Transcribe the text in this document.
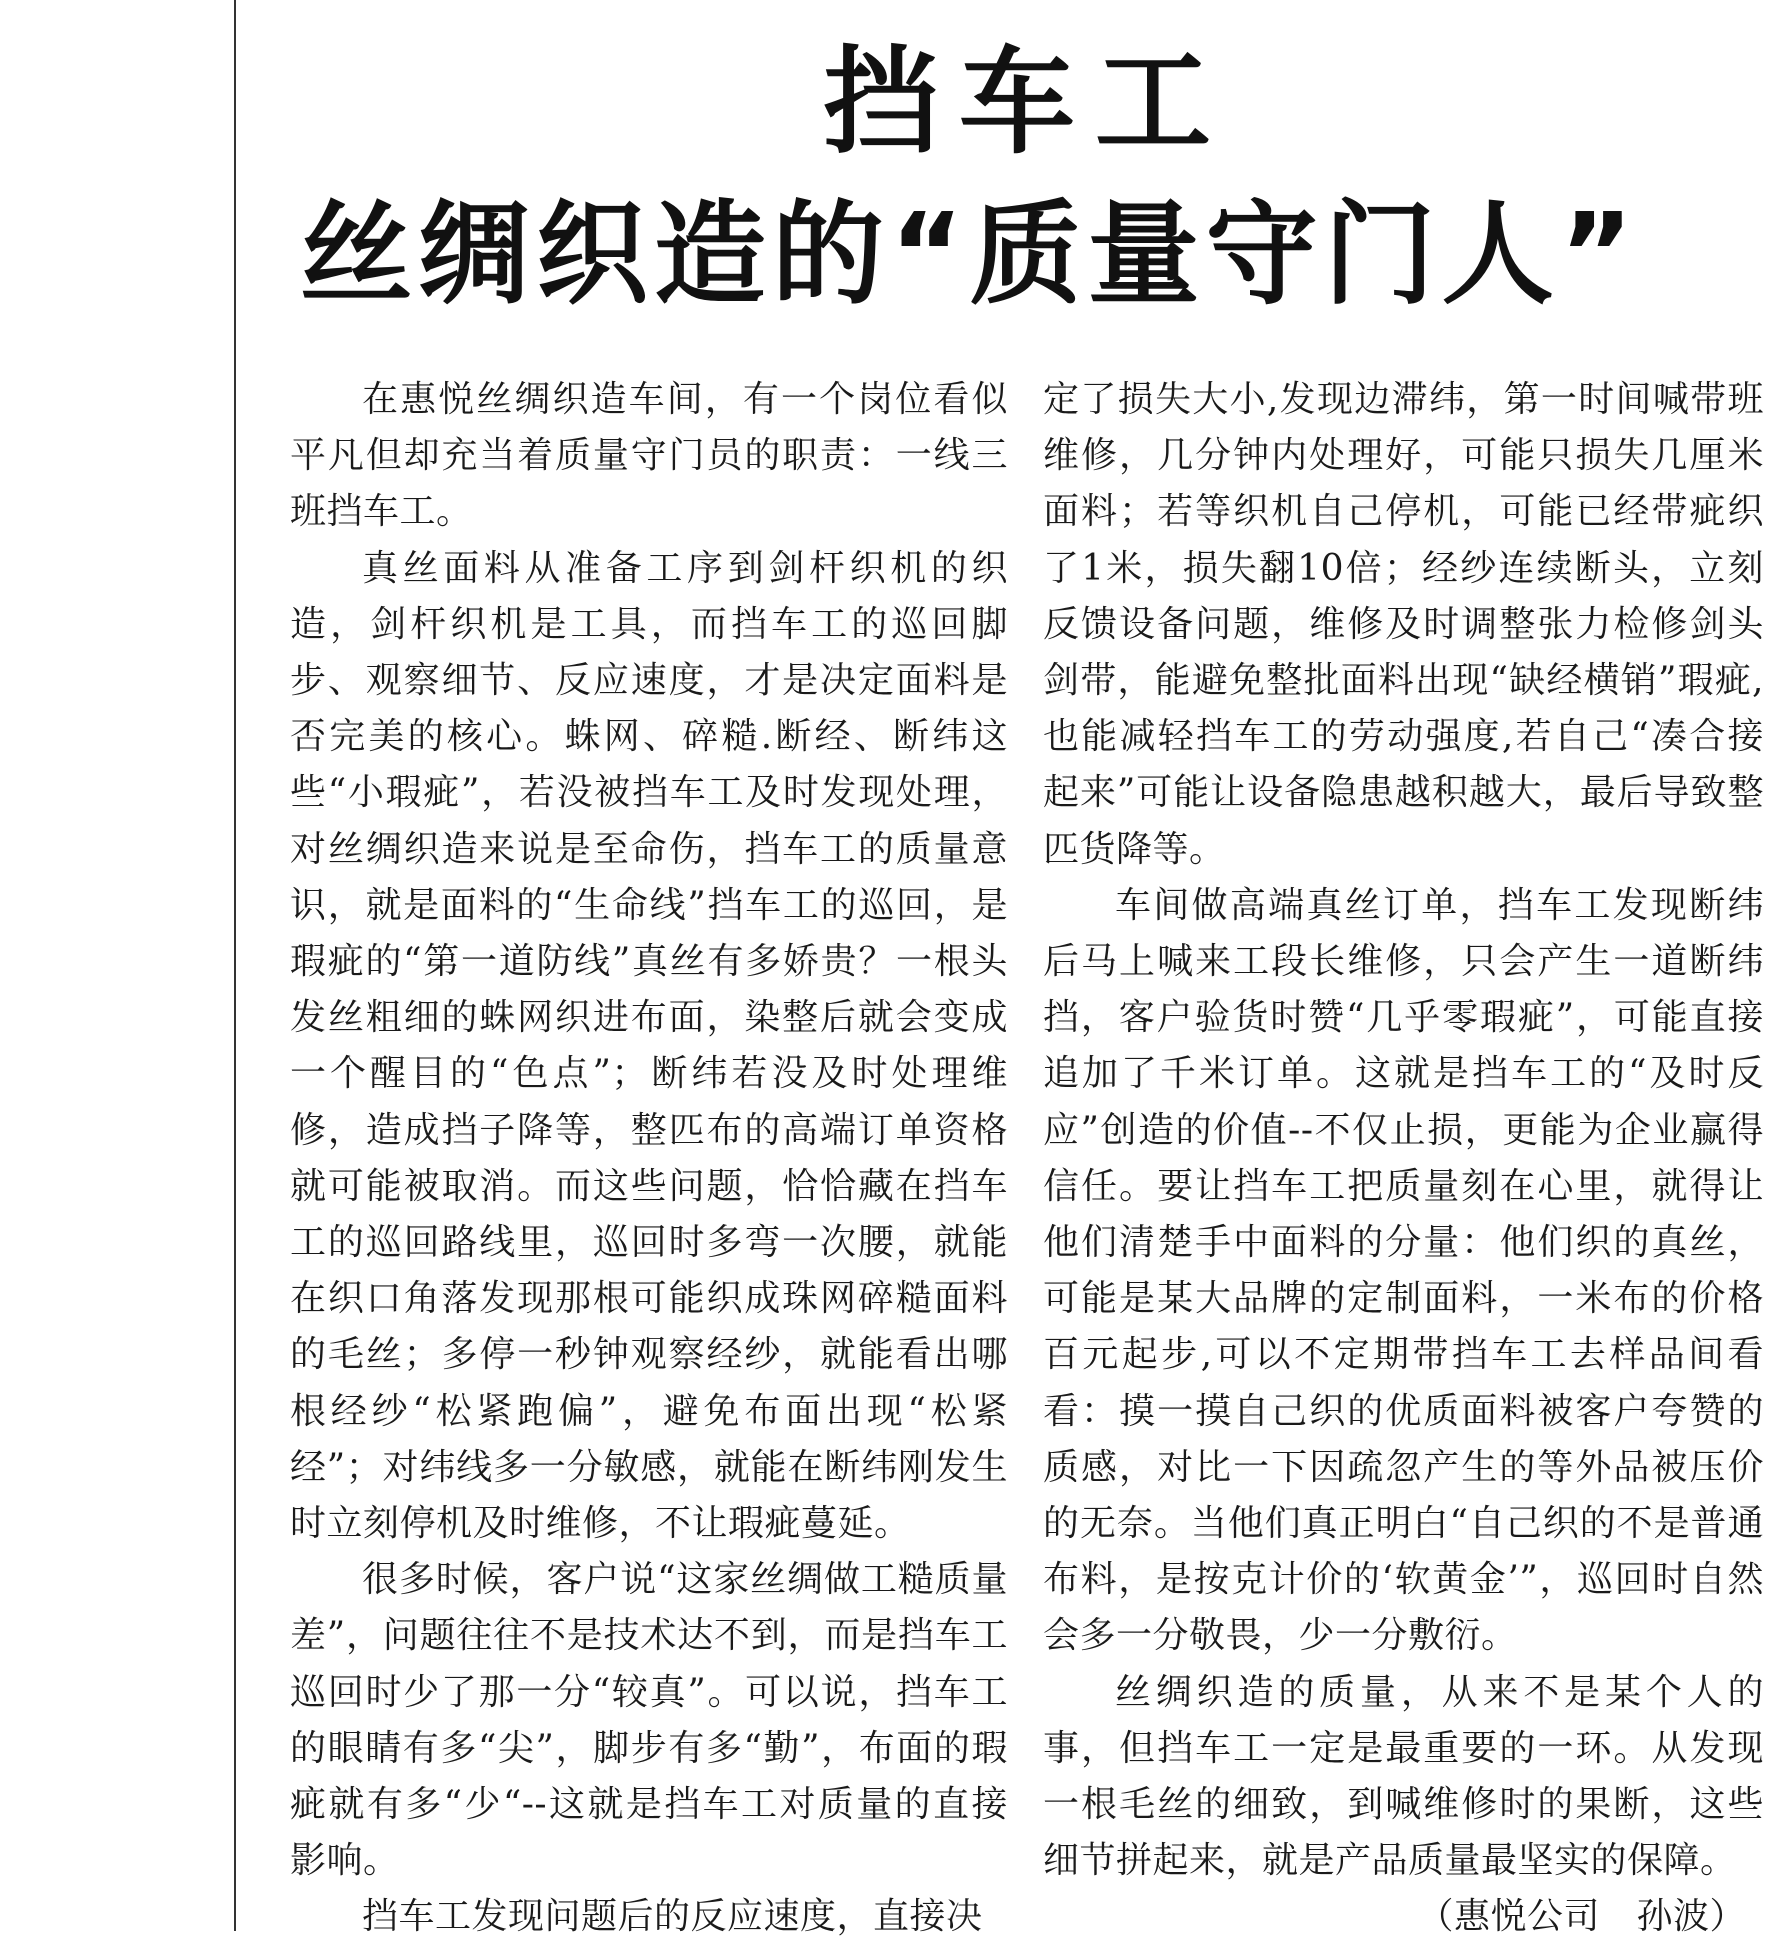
挡车工
丝绸织造的“质量守门人”

在惠悦丝绸织造车间，有一个岗位看似平凡但却充当着质量守门员的职责：一线三班挡车工。

真丝面料从准备工序到剑杆织机的织造，剑杆织机是工具，而挡车工的巡回脚步、观察细节、反应速度，才是决定面料是否完美的核心。蛛网、碎糙.断经、断纬这些“小瑕疵”，若没被挡车工及时发现处理，对丝绸织造来说是至命伤，挡车工的质量意识，就是面料的“生命线”挡车工的巡回，是瑕疵的“第一道防线”真丝有多娇贵？一根头发丝粗细的蛛网织进布面，染整后就会变成一个醒目的“色点”；断纬若没及时处理维修，造成挡子降等，整匹布的高端订单资格就可能被取消。而这些问题，恰恰藏在挡车工的巡回路线里，巡回时多弯一次腰，就能在织口角落发现那根可能织成珠网碎糙面料的毛丝；多停一秒钟观察经纱，就能看出哪根经纱“松紧跑偏”，避免布面出现“松紧经”；对纬线多一分敏感，就能在断纬刚发生时立刻停机及时维修，不让瑕疵蔓延。

很多时候，客户说“这家丝绸做工糙质量差”，问题往往不是技术达不到，而是挡车工巡回时少了那一分“较真”。可以说，挡车工的眼睛有多“尖”，脚步有多“勤”，布面的瑕疵就有多“少“--这就是挡车工对质量的直接影响。

挡车工发现问题后的反应速度，直接决

定了损失大小,发现边滞纬，第一时间喊带班维修，几分钟内处理好，可能只损失几厘米面料；若等织机自己停机，可能已经带疵织了1米，损失翻10倍；经纱连续断头，立刻反馈设备问题，维修及时调整张力检修剑头剑带，能避免整批面料出现“缺经横销”瑕疵,也能减轻挡车工的劳动强度,若自己“凑合接起来”可能让设备隐患越积越大，最后导致整匹货降等。

车间做高端真丝订单，挡车工发现断纬后马上喊来工段长维修，只会产生一道断纬挡，客户验货时赞“几乎零瑕疵”，可能直接追加了千米订单。这就是挡车工的“及时反应”创造的价值--不仅止损，更能为企业赢得信任。要让挡车工把质量刻在心里，就得让他们清楚手中面料的分量：他们织的真丝，可能是某大品牌的定制面料，一米布的价格百元起步,可以不定期带挡车工去样品间看看：摸一摸自己织的优质面料被客户夸赞的质感，对比一下因疏忽产生的等外品被压价的无奈。当他们真正明白“自己织的不是普通布料，是按克计价的‘软黄金’”，巡回时自然会多一分敬畏，少一分敷衍。

丝绸织造的质量，从来不是某个人的事，但挡车工一定是最重要的一环。从发现一根毛丝的细致，到喊维修时的果断，这些细节拼起来，就是产品质量最坚实的保障。

（惠悦公司　孙波）
